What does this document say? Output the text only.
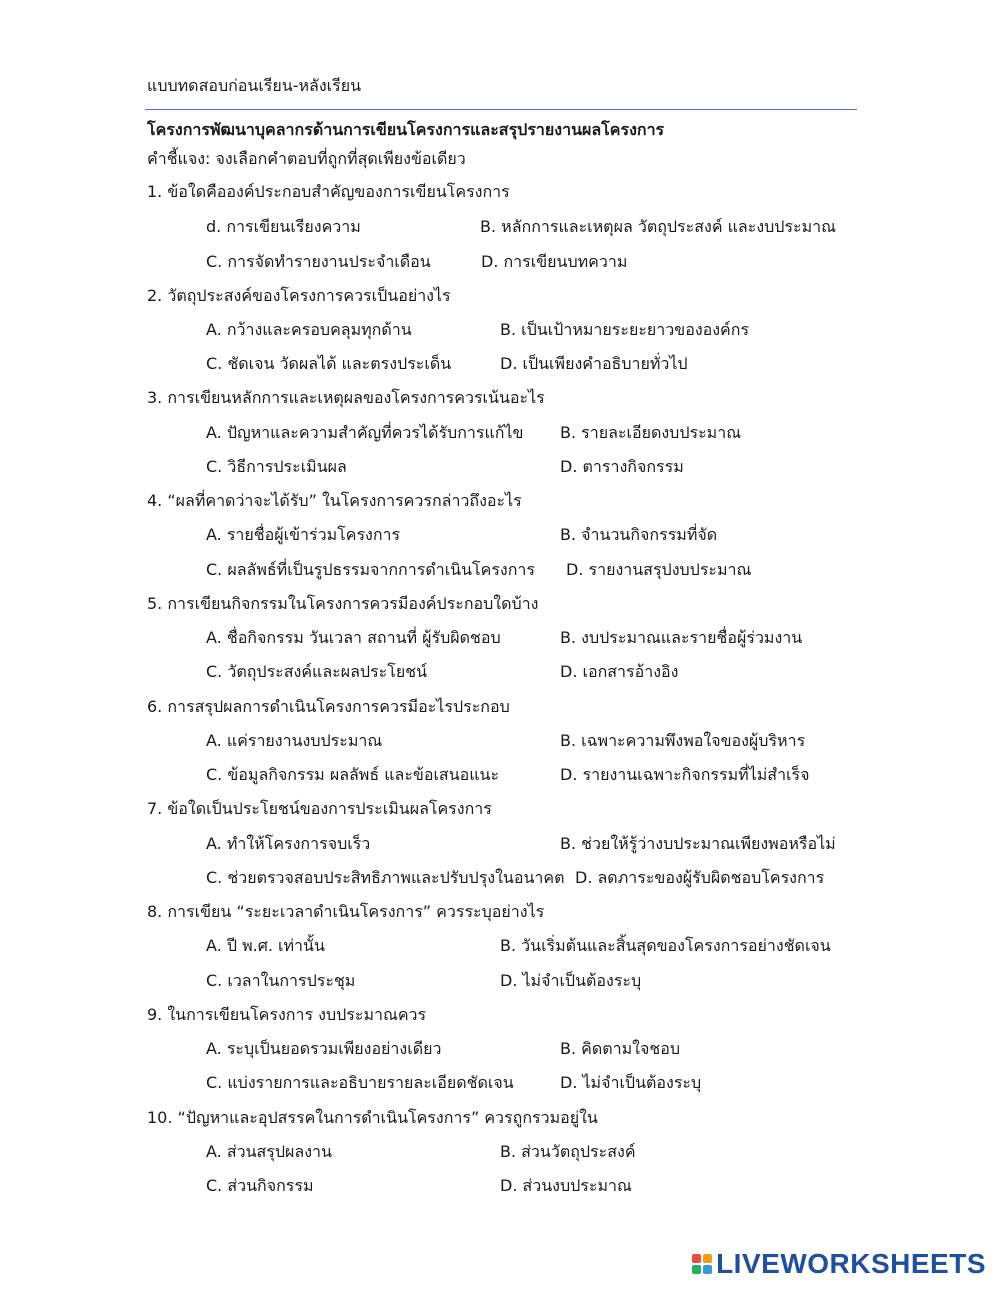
แบบทดสอบก่อนเรียน-หลังเรียน
โครงการพัฒนาบุคลากรด้านการเขียนโครงการและสรุปรายงานผลโครงการ
คำชี้แจง: จงเลือกคำตอบที่ถูกที่สุดเพียงข้อเดียว
1. ข้อใดคือองค์ประกอบสำคัญของการเขียนโครงการ
d. การเขียนเรียงความ	B. หลักการและเหตุผล วัตถุประสงค์ และงบประมาณ
C. การจัดทำรายงานประจำเดือน	D. การเขียนบทความ
2. วัตถุประสงค์ของโครงการควรเป็นอย่างไร
A. กว้างและครอบคลุมทุกด้าน	B. เป็นเป้าหมายระยะยาวขององค์กร
C. ชัดเจน วัดผลได้ และตรงประเด็น	D. เป็นเพียงคำอธิบายทั่วไป
3. การเขียนหลักการและเหตุผลของโครงการควรเน้นอะไร
A. ปัญหาและความสำคัญที่ควรได้รับการแก้ไข B. รายละเอียดงบประมาณ
C. วิธีการประเมินผล	D. ตารางกิจกรรม
4. “ผลที่คาดว่าจะได้รับ” ในโครงการควรกล่าวถึงอะไร
A. รายชื่อผู้เข้าร่วมโครงการ	B. จำนวนกิจกรรมที่จัด
C. ผลลัพธ์ที่เป็นรูปธรรมจากการดำเนินโครงการ D. รายงานสรุปงบประมาณ
5. การเขียนกิจกรรมในโครงการควรมีองค์ประกอบใดบ้าง
A. ชื่อกิจกรรม วันเวลา สถานที่ ผู้รับผิดชอบ	B. งบประมาณและรายชื่อผู้ร่วมงาน
C. วัตถุประสงค์และผลประโยชน์	D. เอกสารอ้างอิง
6. การสรุปผลการดำเนินโครงการควรมีอะไรประกอบ
A. แค่รายงานงบประมาณ	B. เฉพาะความพึงพอใจของผู้บริหาร
C. ข้อมูลกิจกรรม ผลลัพธ์ และข้อเสนอแนะ	D. รายงานเฉพาะกิจกรรมที่ไม่สำเร็จ
7. ข้อใดเป็นประโยชน์ของการประเมินผลโครงการ
A. ทำให้โครงการจบเร็ว	B. ช่วยให้รู้ว่างบประมาณเพียงพอหรือไม่
C. ช่วยตรวจสอบประสิทธิภาพและปรับปรุงในอนาคต D. ลดภาระของผู้รับผิดชอบโครงการ
8. การเขียน “ระยะเวลาดำเนินโครงการ” ควรระบุอย่างไร
A. ปี พ.ศ. เท่านั้น	B. วันเริ่มต้นและสิ้นสุดของโครงการอย่างชัดเจน
C. เวลาในการประชุม	D. ไม่จำเป็นต้องระบุ
9. ในการเขียนโครงการ งบประมาณควร
A. ระบุเป็นยอดรวมเพียงอย่างเดียว	B. คิดตามใจชอบ
C. แบ่งรายการและอธิบายรายละเอียดชัดเจน	D. ไม่จำเป็นต้องระบุ
10. “ปัญหาและอุปสรรคในการดำเนินโครงการ” ควรถูกรวมอยู่ใน
A. ส่วนสรุปผลงาน	B. ส่วนวัตถุประสงค์
C. ส่วนกิจกรรม	D. ส่วนงบประมาณ
LIVEWORKSHEETS
